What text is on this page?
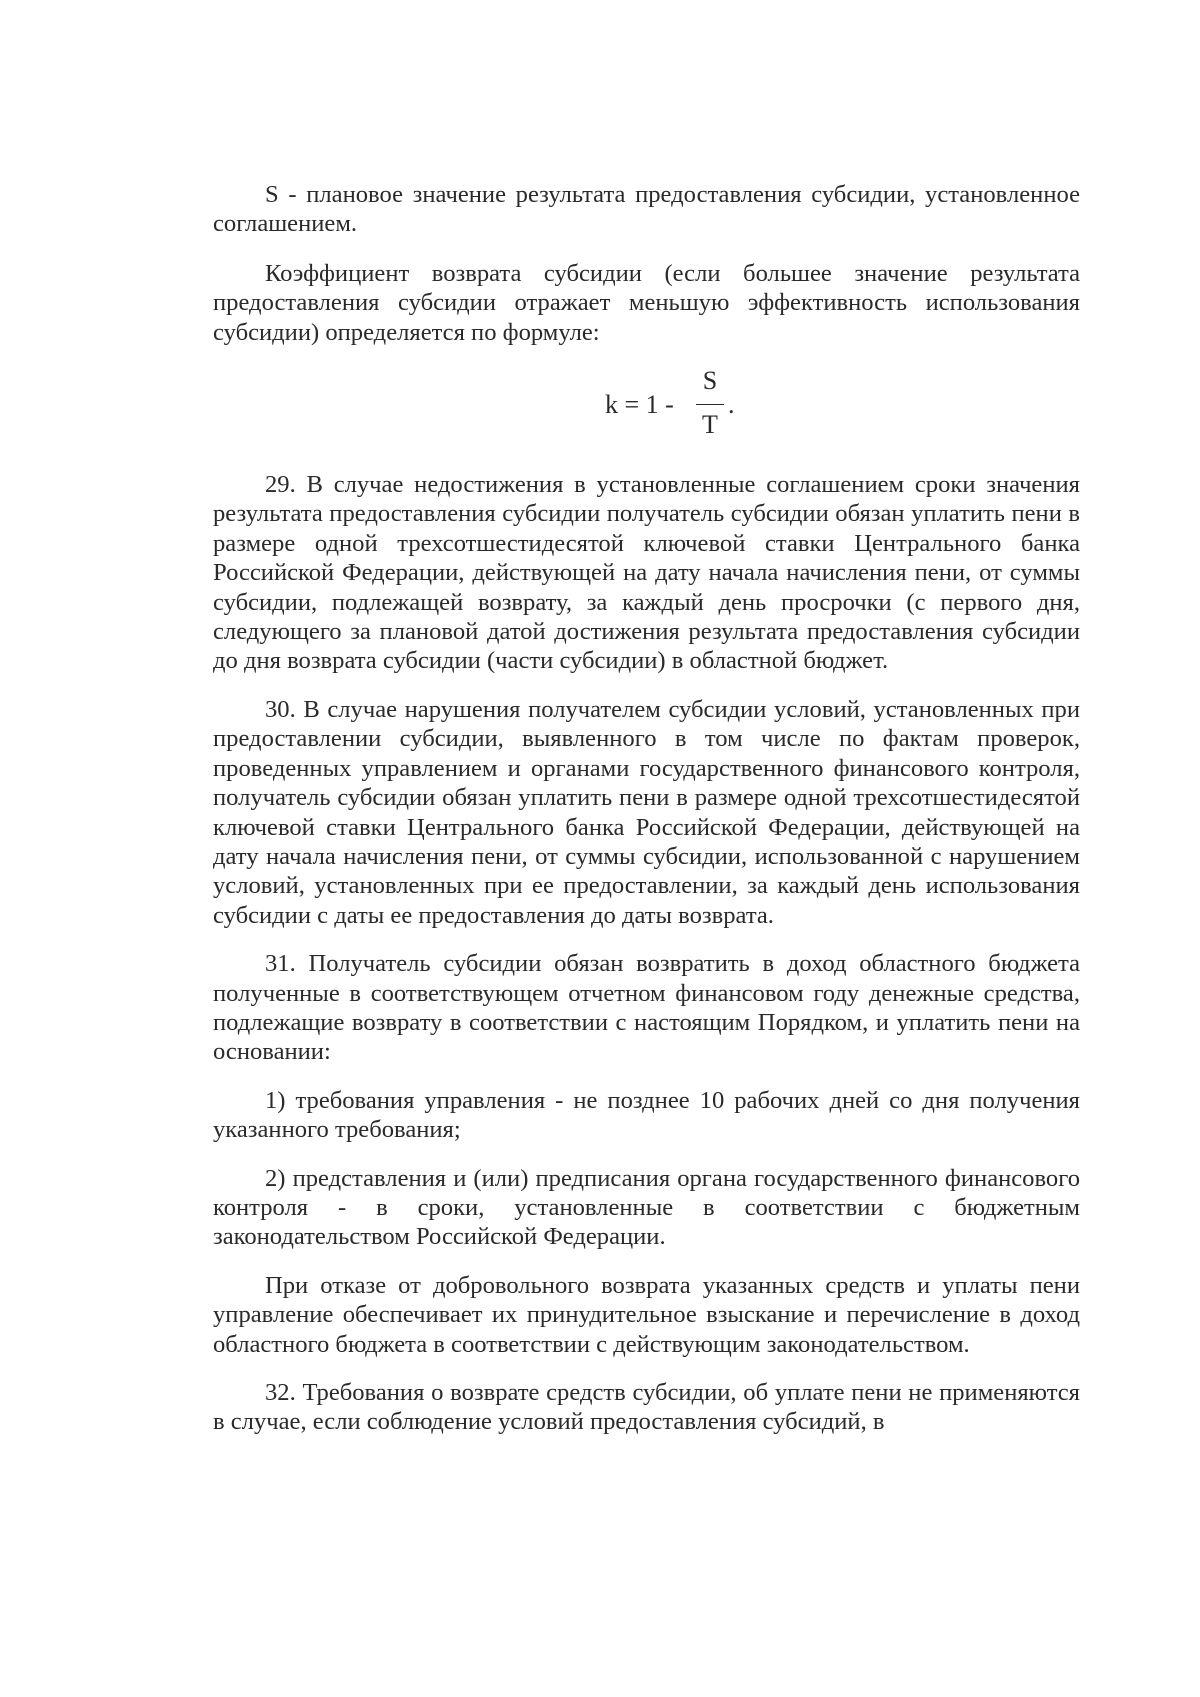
S - плановое значение результата предоставления субсидии, установленное соглашением.

Коэффициент возврата субсидии (если большее значение результата предоставления субсидии отражает меньшую эффективность использования субсидии) определяется по формуле:

k = 1 -
S
T
.

29. В случае недостижения в установленные соглашением сроки значения результата предоставления субсидии получатель субсидии обязан уплатить пени в размере одной трехсотшестидесятой ключевой ставки Центрального банка Российской Федерации, действующей на дату начала начисления пени, от суммы субсидии, подлежащей возврату, за каждый день просрочки (с первого дня, следующего за плановой датой достижения результата предоставления субсидии до дня возврата субсидии (части субсидии) в областной бюджет.

30. В случае нарушения получателем субсидии условий, установленных при предоставлении субсидии, выявленного в том числе по фактам проверок, проведенных управлением и органами государственного финансового контроля, получатель субсидии обязан уплатить пени в размере одной трехсотшестидесятой ключевой ставки Центрального банка Российской Федерации, действующей на дату начала начисления пени, от суммы субсидии, использованной с нарушением условий, установленных при ее предоставлении, за каждый день использования субсидии с даты ее предоставления до даты возврата.

31. Получатель субсидии обязан возвратить в доход областного бюджета полученные в соответствующем отчетном финансовом году денежные средства, подлежащие возврату в соответствии с настоящим Порядком, и уплатить пени на основании:

1) требования управления - не позднее 10 рабочих дней со дня получения указанного требования;

2) представления и (или) предписания органа государственного финансового контроля - в сроки, установленные в соответствии с бюджетным законодательством Российской Федерации.

При отказе от добровольного возврата указанных средств и уплаты пени управление обеспечивает их принудительное взыскание и перечисление в доход областного бюджета в соответствии с действующим законодательством.

32. Требования о возврате средств субсидии, об уплате пени не применяются в случае, если соблюдение условий предоставления субсидий, в
